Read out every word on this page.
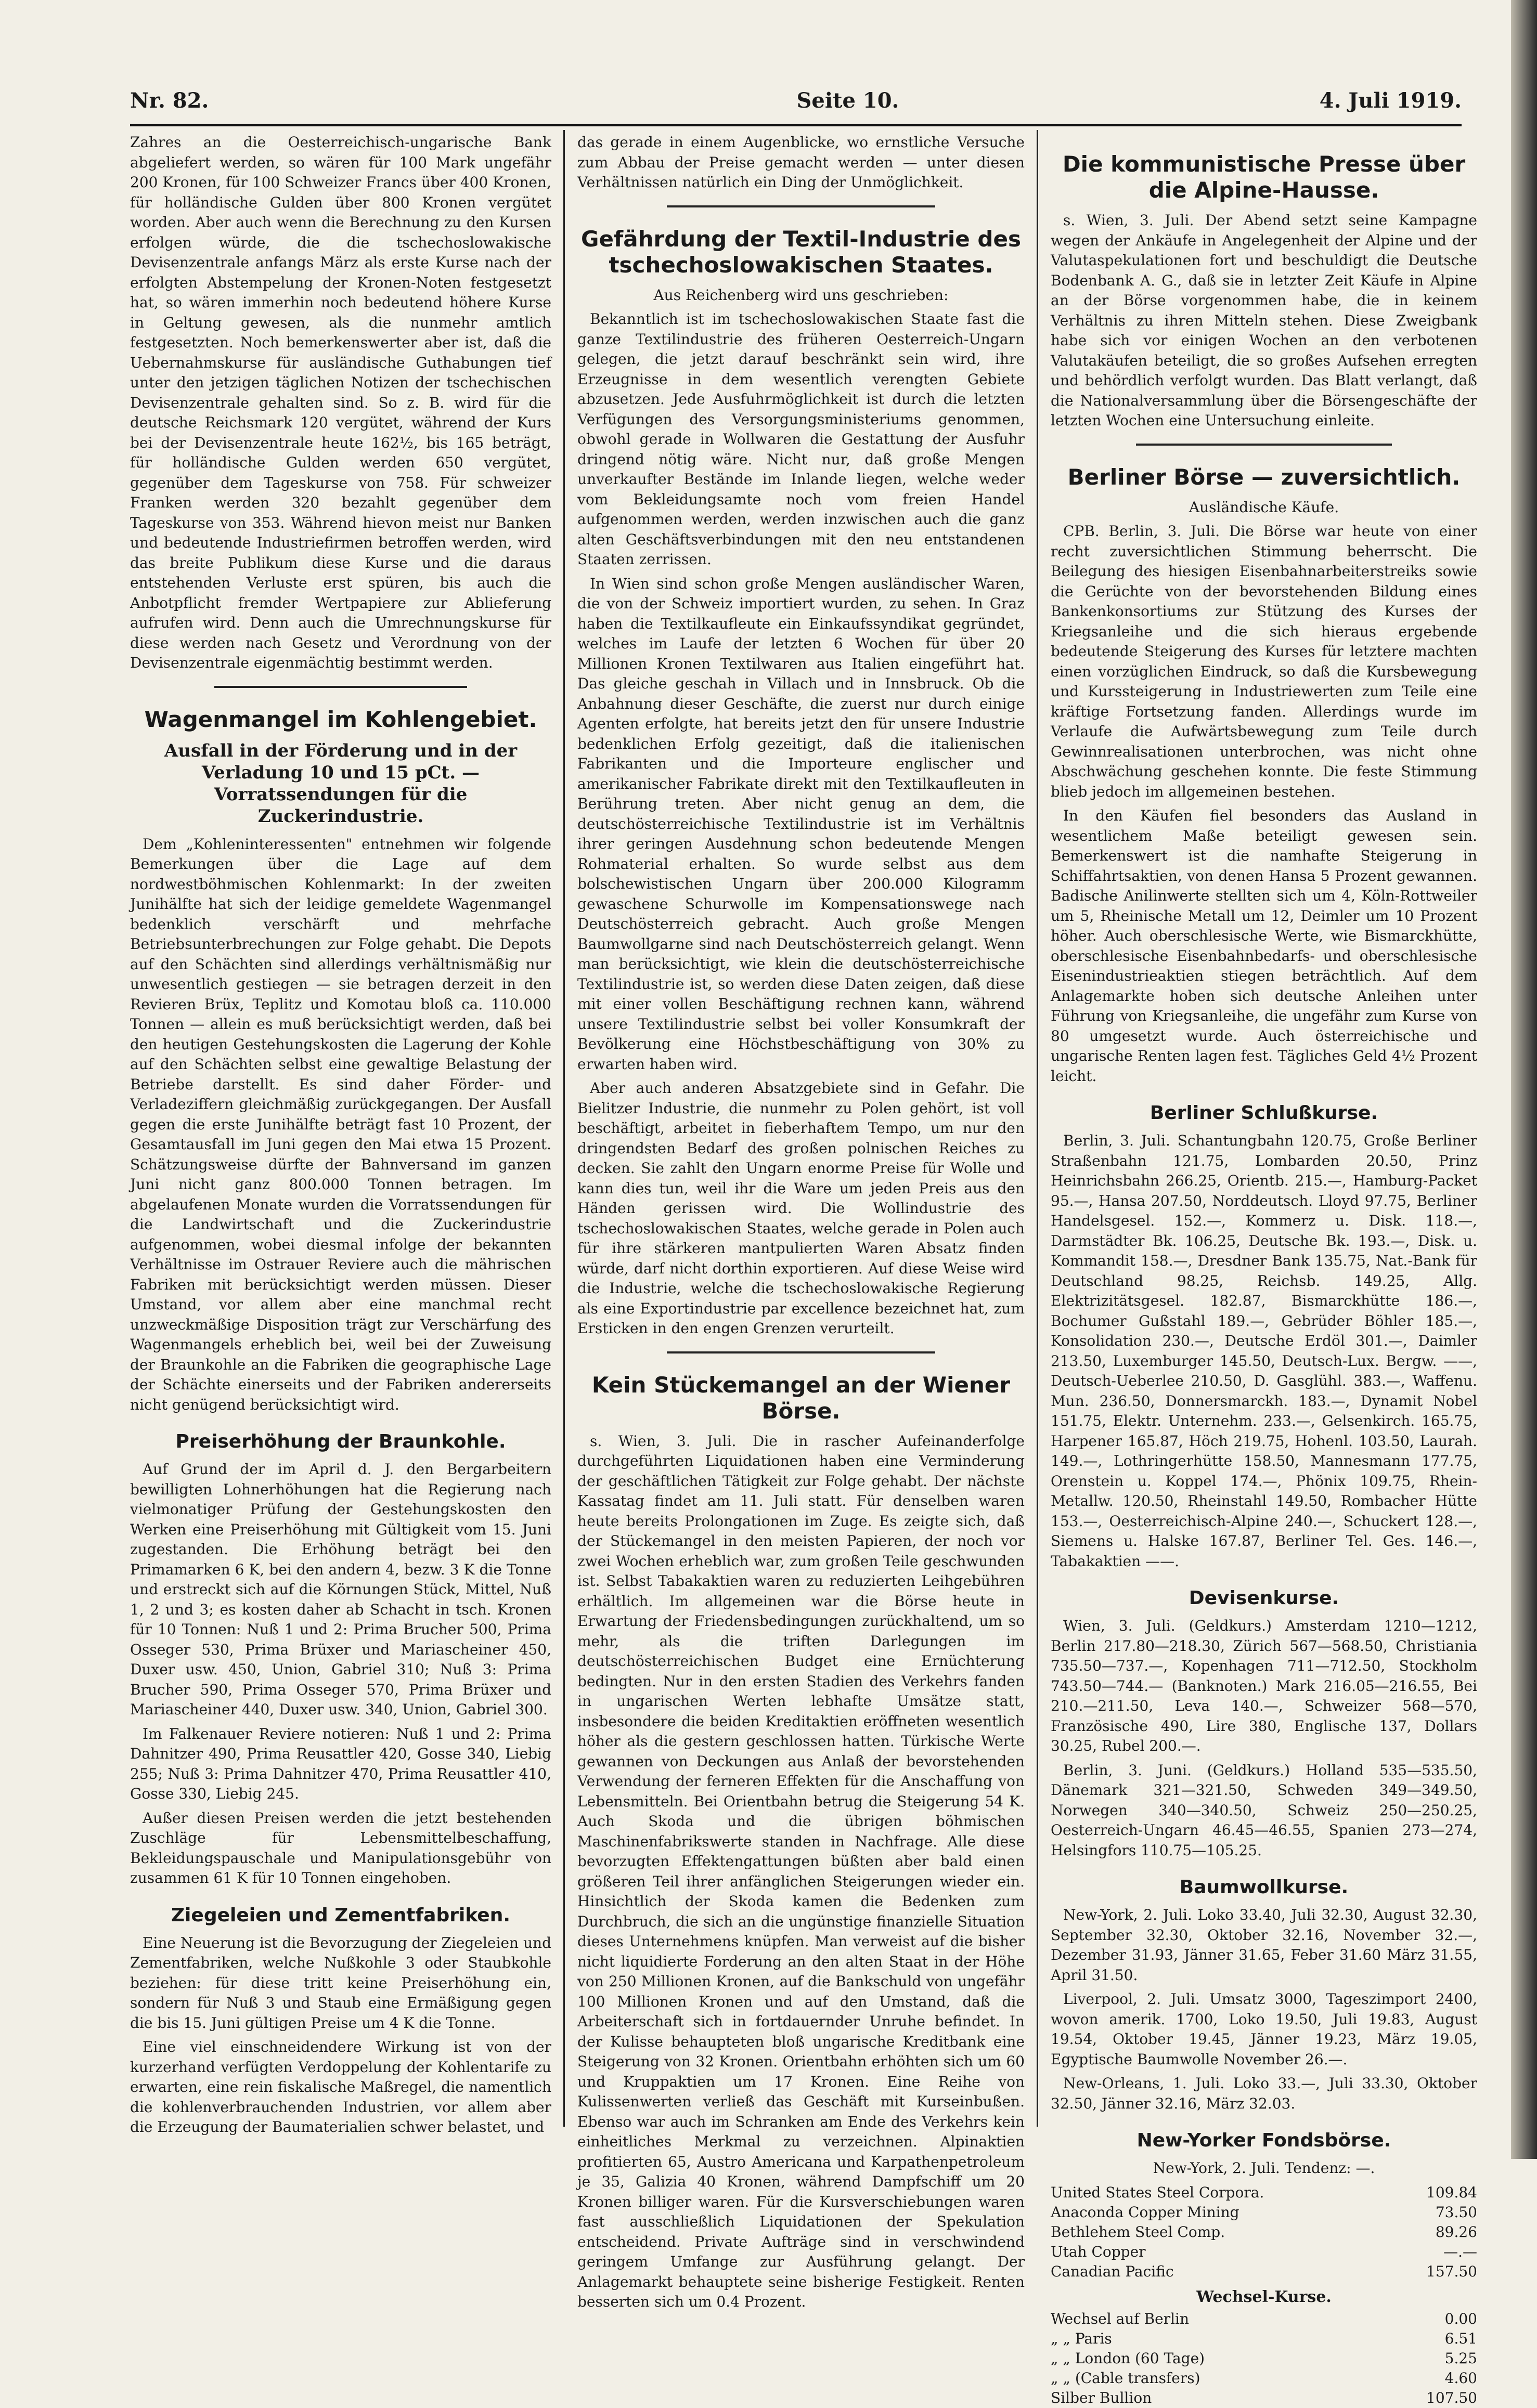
Nr. 82.	Seite 10.	4. Juli 1919.

Zahres an die Oesterreichisch-ungarische Bank abgeliefert werden, so wären für 100 Mark ungefähr 200 Kronen, für 100 Schweizer Francs über 400 Kronen, für holländische Gulden über 800 Kronen vergütet worden. Aber auch wenn die Berechnung zu den Kursen erfolgen würde, die die tschechoslowakische Devisenzentrale anfangs März als erste Kurse nach der erfolgten Abstempelung der Kronen-Noten festgesetzt hat, so wären immerhin noch bedeutend höhere Kurse in Geltung gewesen, als die nunmehr amtlich festgesetzten. Noch bemerkenswerter aber ist, daß die Uebernahmskurse für ausländische Guthabungen tief unter den jetzigen täglichen Notizen der tschechischen Devisenzentrale gehalten sind. So z. B. wird für die deutsche Reichsmark 120 vergütet, während der Kurs bei der Devisenzentrale heute 162½, bis 165 beträgt, für holländische Gulden werden 650 vergütet, gegenüber dem Tageskurse von 758. Für schweizer Franken werden 320 bezahlt gegenüber dem Tageskurse von 353. Während hievon meist nur Banken und bedeutende Industriefirmen betroffen werden, wird das breite Publikum diese Kurse und die daraus entstehenden Verluste erst spüren, bis auch die Anbotpflicht fremder Wertpapiere zur Ablieferung aufrufen wird. Denn auch die Umrechnungskurse für diese werden nach Gesetz und Verordnung von der Devisenzentrale eigenmächtig bestimmt werden.

Wagenmangel im Kohlengebiet.
Ausfall in der Förderung und in der Verladung 10 und 15 pCt. — Vorratssendungen für die Zuckerindustrie.

Dem „Kohleninteressenten" entnehmen wir folgende Bemerkungen über die Lage auf dem nordwestböhmischen Kohlenmarkt: In der zweiten Junihälfte hat sich der leidige gemeldete Wagenmangel bedenklich verschärft und mehrfache Betriebsunterbrechungen zur Folge gehabt. Die Depots auf den Schächten sind allerdings verhältnismäßig nur unwesentlich gestiegen — sie betragen derzeit in den Revieren Brüx, Teplitz und Komotau bloß ca. 110.000 Tonnen — allein es muß berücksichtigt werden, daß bei den heutigen Gestehungskosten die Lagerung der Kohle auf den Schächten selbst eine gewaltige Belastung der Betriebe darstellt. Es sind daher Förder- und Verladeziffern gleichmäßig zurückgegangen. Der Ausfall gegen die erste Junihälfte beträgt fast 10 Prozent, der Gesamtausfall im Juni gegen den Mai etwa 15 Prozent. Schätzungsweise dürfte der Bahnversand im ganzen Juni nicht ganz 800.000 Tonnen betragen. Im abgelaufenen Monate wurden die Vorratssendungen für die Landwirtschaft und die Zuckerindustrie aufgenommen, wobei diesmal infolge der bekannten Verhältnisse im Ostrauer Reviere auch die mährischen Fabriken mit berücksichtigt werden müssen. Dieser Umstand, vor allem aber eine manchmal recht unzweckmäßige Disposition trägt zur Verschärfung des Wagenmangels erheblich bei, weil bei der Zuweisung der Braunkohle an die Fabriken die geographische Lage der Schächte einerseits und der Fabriken andererseits nicht genügend berücksichtigt wird.

Preiserhöhung der Braunkohle.

Auf Grund der im April d. J. den Bergarbeitern bewilligten Lohnerhöhungen hat die Regierung nach vielmonatiger Prüfung der Gestehungskosten den Werken eine Preiserhöhung mit Gültigkeit vom 15. Juni zugestanden. Die Erhöhung beträgt bei den Primamarken 6 K, bei den andern 4, bezw. 3 K die Tonne und erstreckt sich auf die Körnungen Stück, Mittel, Nuß 1, 2 und 3; es kosten daher ab Schacht in tsch. Kronen für 10 Tonnen: Nuß 1 und 2: Prima Brucher 500, Prima Osseger 530, Prima Brüxer und Mariascheiner 450, Duxer usw. 450, Union, Gabriel 310; Nuß 3: Prima Brucher 590, Prima Osseger 570, Prima Brüxer und Mariascheiner 440, Duxer usw. 340, Union, Gabriel 300.

Im Falkenauer Reviere notieren: Nuß 1 und 2: Prima Dahnitzer 490, Prima Reusattler 420, Gosse 340, Liebig 255; Nuß 3: Prima Dahnitzer 470, Prima Reusattler 410, Gosse 330, Liebig 245.

Außer diesen Preisen werden die jetzt bestehenden Zuschläge für Lebensmittelbeschaffung, Bekleidungspauschale und Manipulationsgebühr von zusammen 61 K für 10 Tonnen eingehoben.

Ziegeleien und Zementfabriken.

Eine Neuerung ist die Bevorzugung der Ziegeleien und Zementfabriken, welche Nußkohle 3 oder Staubkohle beziehen: für diese tritt keine Preiserhöhung ein, sondern für Nuß 3 und Staub eine Ermäßigung gegen die bis 15. Juni gültigen Preise um 4 K die Tonne.

Eine viel einschneidendere Wirkung ist von der kurzerhand verfügten Verdoppelung der Kohlentarife zu erwarten, eine rein fiskalische Maßregel, die namentlich die kohlenverbrauchenden Industrien, vor allem aber die Erzeugung der Baumaterialien schwer belastet, und

das gerade in einem Augenblicke, wo ernstliche Versuche zum Abbau der Preise gemacht werden — unter diesen Verhältnissen natürlich ein Ding der Unmöglichkeit.

Gefährdung der Textil-Industrie des tschechoslowakischen Staates.

Aus Reichenberg wird uns geschrieben:

Bekanntlich ist im tschechoslowakischen Staate fast die ganze Textilindustrie des früheren Oesterreich-Ungarn gelegen, die jetzt darauf beschränkt sein wird, ihre Erzeugnisse in dem wesentlich verengten Gebiete abzusetzen. Jede Ausfuhrmöglichkeit ist durch die letzten Verfügungen des Versorgungsministeriums genommen, obwohl gerade in Wollwaren die Gestattung der Ausfuhr dringend nötig wäre. Nicht nur, daß große Mengen unverkaufter Bestände im Inlande liegen, welche weder vom Bekleidungsamte noch vom freien Handel aufgenommen werden, werden inzwischen auch die ganz alten Geschäftsverbindungen mit den neu entstandenen Staaten zerrissen.

In Wien sind schon große Mengen ausländischer Waren, die von der Schweiz importiert wurden, zu sehen. In Graz haben die Textilkaufleute ein Einkaufssyndikat gegründet, welches im Laufe der letzten 6 Wochen für über 20 Millionen Kronen Textilwaren aus Italien eingeführt hat. Das gleiche geschah in Villach und in Innsbruck. Ob die Anbahnung dieser Geschäfte, die zuerst nur durch einige Agenten erfolgte, hat bereits jetzt den für unsere Industrie bedenklichen Erfolg gezeitigt, daß die italienischen Fabrikanten und die Importeure englischer und amerikanischer Fabrikate direkt mit den Textilkaufleuten in Berührung treten. Aber nicht genug an dem, die deutschösterreichische Textilindustrie ist im Verhältnis ihrer geringen Ausdehnung schon bedeutende Mengen Rohmaterial erhalten. So wurde selbst aus dem bolschewistischen Ungarn über 200.000 Kilogramm gewaschene Schurwolle im Kompensationswege nach Deutschösterreich gebracht. Auch große Mengen Baumwollgarne sind nach Deutschösterreich gelangt. Wenn man berücksichtigt, wie klein die deutschösterreichische Textilindustrie ist, so werden diese Daten zeigen, daß diese mit einer vollen Beschäftigung rechnen kann, während unsere Textilindustrie selbst bei voller Konsumkraft der Bevölkerung eine Höchstbeschäftigung von 30% zu erwarten haben wird.

Aber auch anderen Absatzgebiete sind in Gefahr. Die Bielitzer Industrie, die nunmehr zu Polen gehört, ist voll beschäftigt, arbeitet in fieberhaftem Tempo, um nur den dringendsten Bedarf des großen polnischen Reiches zu decken. Sie zahlt den Ungarn enorme Preise für Wolle und kann dies tun, weil ihr die Ware um jeden Preis aus den Händen gerissen wird. Die Wollindustrie des tschechoslowakischen Staates, welche gerade in Polen auch für ihre stärkeren mantpulierten Waren Absatz finden würde, darf nicht dorthin exportieren. Auf diese Weise wird die Industrie, welche die tschechoslowakische Regierung als eine Exportindustrie par excellence bezeichnet hat, zum Ersticken in den engen Grenzen verurteilt.

Kein Stückemangel an der Wiener Börse.

s. Wien, 3. Juli. Die in rascher Aufeinanderfolge durchgeführten Liquidationen haben eine Verminderung der geschäftlichen Tätigkeit zur Folge gehabt. Der nächste Kassatag findet am 11. Juli statt. Für denselben waren heute bereits Prolongationen im Zuge. Es zeigte sich, daß der Stückemangel in den meisten Papieren, der noch vor zwei Wochen erheblich war, zum großen Teile geschwunden ist. Selbst Tabakaktien waren zu reduzierten Leihgebühren erhältlich. Im allgemeinen war die Börse heute in Erwartung der Friedensbedingungen zurückhaltend, um so mehr, als die triften Darlegungen im deutschösterreichischen Budget eine Ernüchterung bedingten. Nur in den ersten Stadien des Verkehrs fanden in ungarischen Werten lebhafte Umsätze statt, insbesondere die beiden Kreditaktien eröffneten wesentlich höher als die gestern geschlossen hatten. Türkische Werte gewannen von Deckungen aus Anlaß der bevorstehenden Verwendung der ferneren Effekten für die Anschaffung von Lebensmitteln. Bei Orientbahn betrug die Steigerung 54 K. Auch Skoda und die übrigen böhmischen Maschinenfabrikswerte standen in Nachfrage. Alle diese bevorzugten Effektengattungen büßten aber bald einen größeren Teil ihrer anfänglichen Steigerungen wieder ein. Hinsichtlich der Skoda kamen die Bedenken zum Durchbruch, die sich an die ungünstige finanzielle Situation dieses Unternehmens knüpfen. Man verweist auf die bisher nicht liquidierte Forderung an den alten Staat in der Höhe von 250 Millionen Kronen, auf die Bankschuld von ungefähr 100 Millionen Kronen und auf den Umstand, daß die Arbeiterschaft sich in fortdauernder Unruhe befindet. In der Kulisse behaupteten bloß ungarische Kreditbank eine Steigerung von 32 Kronen. Orientbahn erhöhten sich um 60 und Kruppaktien um 17 Kronen. Eine Reihe von Kulissenwerten verließ das Geschäft mit Kurseinbußen. Ebenso war auch im Schranken am Ende des Verkehrs kein einheitliches Merkmal zu verzeichnen. Alpinaktien profitierten 65, Austro Americana und Karpathenpetroleum je 35, Galizia 40 Kronen, während Dampfschiff um 20 Kronen billiger waren. Für die Kursverschiebungen waren fast ausschließlich Liquidationen der Spekulation entscheidend. Private Aufträge sind in verschwindend geringem Umfange zur Ausführung gelangt. Der Anlagemarkt behauptete seine bisherige Festigkeit. Renten besserten sich um 0.4 Prozent.

Die kommunistische Presse über die Alpine-Hausse.

s. Wien, 3. Juli. Der Abend setzt seine Kampagne wegen der Ankäufe in Angelegenheit der Alpine und der Valutaspekulationen fort und beschuldigt die Deutsche Bodenbank A. G., daß sie in letzter Zeit Käufe in Alpine an der Börse vorgenommen habe, die in keinem Verhältnis zu ihren Mitteln stehen. Diese Zweigbank habe sich vor einigen Wochen an den verbotenen Valutakäufen beteiligt, die so großes Aufsehen erregten und behördlich verfolgt wurden. Das Blatt verlangt, daß die Nationalversammlung über die Börsengeschäfte der letzten Wochen eine Untersuchung einleite.

Berliner Börse — zuversichtlich.

Ausländische Käufe.

CPB. Berlin, 3. Juli. Die Börse war heute von einer recht zuversichtlichen Stimmung beherrscht. Die Beilegung des hiesigen Eisenbahnarbeiterstreiks sowie die Gerüchte von der bevorstehenden Bildung eines Bankenkonsortiums zur Stützung des Kurses der Kriegsanleihe und die sich hieraus ergebende bedeutende Steigerung des Kurses für letztere machten einen vorzüglichen Eindruck, so daß die Kursbewegung und Kurssteigerung in Industriewerten zum Teile eine kräftige Fortsetzung fanden. Allerdings wurde im Verlaufe die Aufwärtsbewegung zum Teile durch Gewinnrealisationen unterbrochen, was nicht ohne Abschwächung geschehen konnte. Die feste Stimmung blieb jedoch im allgemeinen bestehen.

In den Käufen fiel besonders das Ausland in wesentlichem Maße beteiligt gewesen sein. Bemerkenswert ist die namhafte Steigerung in Schiffahrtsaktien, von denen Hansa 5 Prozent gewannen. Badische Anilinwerte stellten sich um 4, Köln-Rottweiler um 5, Rheinische Metall um 12, Deimler um 10 Prozent höher. Auch oberschlesische Werte, wie Bismarckhütte, oberschlesische Eisenbahnbedarfs- und oberschlesische Eisenindustrieaktien stiegen beträchtlich. Auf dem Anlagemarkte hoben sich deutsche Anleihen unter Führung von Kriegsanleihe, die ungefähr zum Kurse von 80 umgesetzt wurde. Auch österreichische und ungarische Renten lagen fest. Tägliches Geld 4½ Prozent leicht.

Berliner Schlußkurse.

Berlin, 3. Juli. Schantungbahn 120.75, Große Berliner Straßenbahn 121.75, Lombarden 20.50, Prinz Heinrichsbahn 266.25, Orientb. 215.—, Hamburg-Packet 95.—, Hansa 207.50, Norddeutsch. Lloyd 97.75, Berliner Handelsgesel. 152.—, Kommerz u. Disk. 118.—, Darmstädter Bk. 106.25, Deutsche Bk. 193.—, Disk. u. Kommandit 158.—, Dresdner Bank 135.75, Nat.-Bank für Deutschland 98.25, Reichsb. 149.25, Allg. Elektrizitätsgesel. 182.87, Bismarckhütte 186.—, Bochumer Gußstahl 189.—, Gebrüder Böhler 185.—, Konsolidation 230.—, Deutsche Erdöl 301.—, Daimler 213.50, Luxemburger 145.50, Deutsch-Lux. Bergw. ——, Deutsch-Ueberlee 210.50, D. Gasglühl. 383.—, Waffenu. Mun. 236.50, Donnersmarckh. 183.—, Dynamit Nobel 151.75, Elektr. Unternehm. 233.—, Gelsenkirch. 165.75, Harpener 165.87, Höch 219.75, Hohenl. 103.50, Laurah. 149.—, Lothringerhütte 158.50, Mannesmann 177.75, Orenstein u. Koppel 174.—, Phönix 109.75, Rhein-Metallw. 120.50, Rheinstahl 149.50, Rombacher Hütte 153.—, Oesterreichisch-Alpine 240.—, Schuckert 128.—, Siemens u. Halske 167.87, Berliner Tel. Ges. 146.—, Tabakaktien ——.

Devisenkurse.

Wien, 3. Juli. (Geldkurs.) Amsterdam 1210—1212, Berlin 217.80—218.30, Zürich 567—568.50, Christiania 735.50—737.—, Kopenhagen 711—712.50, Stockholm 743.50—744.— (Banknoten.) Mark 216.05—216.55, Bei 210.—211.50, Leva 140.—, Schweizer 568—570, Französische 490, Lire 380, Englische 137, Dollars 30.25, Rubel 200.—.

Berlin, 3. Juni. (Geldkurs.) Holland 535—535.50, Dänemark 321—321.50, Schweden 349—349.50, Norwegen 340—340.50, Schweiz 250—250.25, Oesterreich-Ungarn 46.45—46.55, Spanien 273—274, Helsingfors 110.75—105.25.

Baumwollkurse.

New-York, 2. Juli. Loko 33.40, Juli 32.30, August 32.30, September 32.30, Oktober 32.16, November 32.—, Dezember 31.93, Jänner 31.65, Feber 31.60 März 31.55, April 31.50.

Liverpool, 2. Juli. Umsatz 3000, Tageszimport 2400, wovon amerik. 1700, Loko 19.50, Juli 19.83, August 19.54, Oktober 19.45, Jänner 19.23, März 19.05, Egyptische Baumwolle November 26.—.

New-Orleans, 1. Juli. Loko 33.—, Juli 33.30, Oktober 32.50, Jänner 32.16, März 32.03.

New-Yorker Fondsbörse.

New-York, 2. Juli. Tendenz: —.

United States Steel Corpora.	109.84
Anaconda Copper Mining	73.50
Bethlehem Steel Comp.	89.26
Utah Copper	—.—
Canadian Pacific	157.50
Wechsel-Kurse.
Wechsel auf Berlin	0.00
„ „ Paris	6.51
„ „ London (60 Tage)	5.25
„ „ (Cable transfers)	4.60
Silber Bullion	107.50
